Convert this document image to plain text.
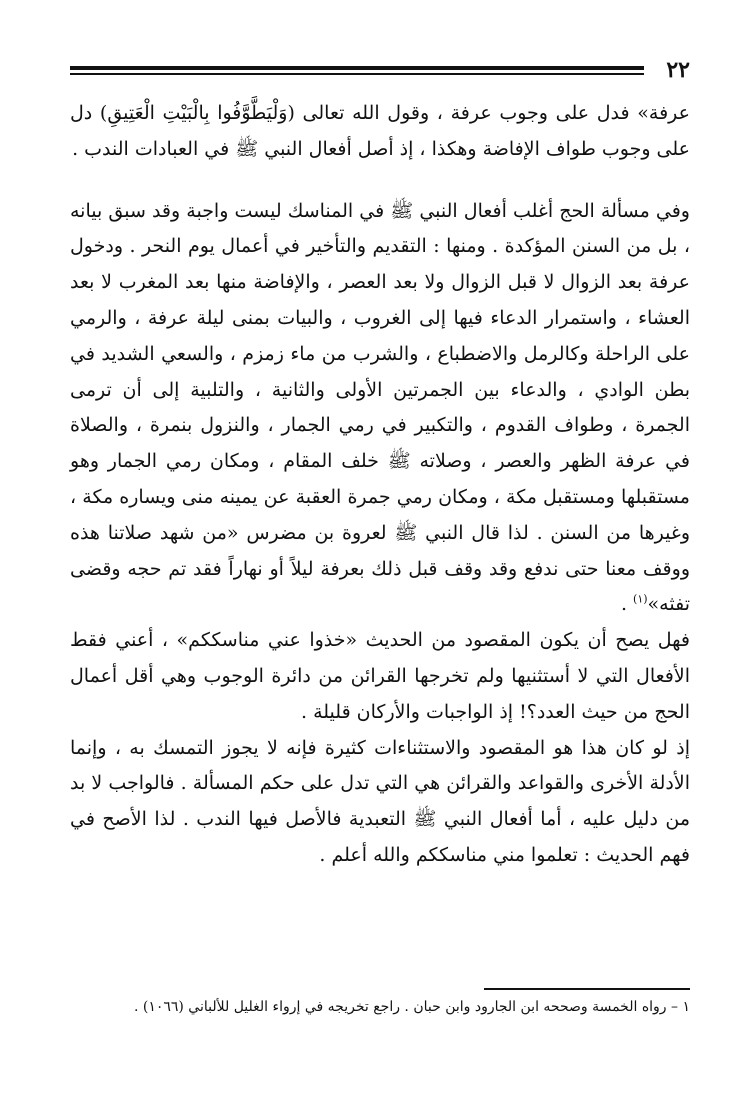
٢٢

عرفة» فدل على وجوب عرفة ، وقول الله تعالى (وَلْيَطَّوَّفُوا بِالْبَيْتِ الْعَتِيقِ) دل على وجوب طواف الإفاضة وهكذا ، إذ أصل أفعال النبي ﷺ في العبادات الندب .

وفي مسألة الحج أغلب أفعال النبي ﷺ في المناسك ليست واجبة وقد سبق بيانه ، بل من السنن المؤكدة . ومنها : التقديم والتأخير في أعمال يوم النحر . ودخول عرفة بعد الزوال لا قبل الزوال ولا بعد العصر ، والإفاضة منها بعد المغرب لا بعد العشاء ، واستمرار الدعاء فيها إلى الغروب ، والبيات بمنى ليلة عرفة ، والرمي على الراحلة وكالرمل والاضطباع ، والشرب من ماء زمزم ، والسعي الشديد في بطن الوادي ، والدعاء بين الجمرتين الأولى والثانية ، والتلبية إلى أن ترمى الجمرة ، وطواف القدوم ، والتكبير في رمي الجمار ، والنزول بنمرة ، والصلاة في عرفة الظهر والعصر ، وصلاته ﷺ خلف المقام ، ومكان رمي الجمار وهو مستقبلها ومستقبل مكة ، ومكان رمي جمرة العقبة عن يمينه منى ويساره مكة ، وغيرها من السنن . لذا قال النبي ﷺ لعروة بن مضرس «من شهد صلاتنا هذه ووقف معنا حتى ندفع وقد وقف قبل ذلك بعرفة ليلاً أو نهاراً فقد تم حجه وقضى تفثه»$^{(١)}$ .

فهل يصح أن يكون المقصود من الحديث «خذوا عني مناسككم» ، أعني فقط الأفعال التي لا أستثنيها ولم تخرجها القرائن من دائرة الوجوب وهي أقل أعمال الحج من حيث العدد؟! إذ الواجبات والأركان قليلة .

إذ لو كان هذا هو المقصود والاستثناءات كثيرة فإنه لا يجوز التمسك به ، وإنما الأدلة الأخرى والقواعد والقرائن هي التي تدل على حكم المسألة . فالواجب لا بد من دليل عليه ، أما أفعال النبي ﷺ التعبدية فالأصل فيها الندب . لذا الأصح في فهم الحديث : تعلموا مني مناسككم والله أعلم .

١ – رواه الخمسة وصححه ابن الجارود وابن حبان . راجع تخريجه في إرواء الغليل للألباني (١٠٦٦) .
